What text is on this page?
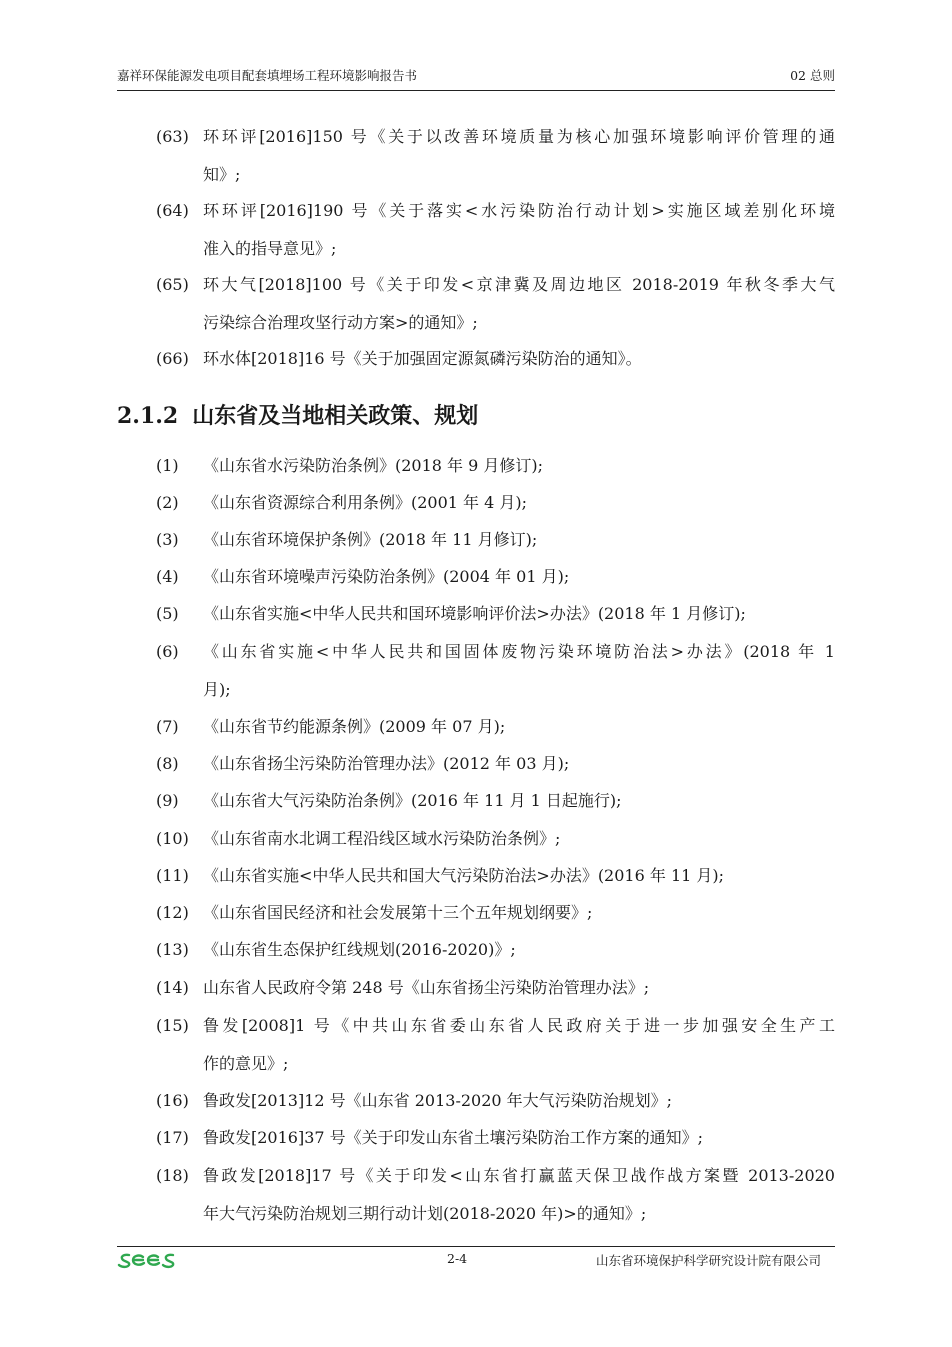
嘉祥环保能源发电项目配套填埋场工程环境影响报告书	02 总则
(63) 环环评[2016]150 号《关于以改善环境质量为核心加强环境影响评价管理的通
知》;
(64) 环环评[2016]190 号《关于落实<水污染防治行动计划>实施区域差别化环境
准入的指导意见》;
(65) 环大气[2018]100 号《关于印发<京津冀及周边地区 2018-2019 年秋冬季大气
污染综合治理攻坚行动方案>的通知》;
(66) 环水体[2018]16 号《关于加强固定源氮磷污染防治的通知》。
2.1.2 山东省及当地相关政策、规划
(1) 《山东省水污染防治条例》(2018 年 9 月修订);
(2) 《山东省资源综合利用条例》(2001 年 4 月);
(3) 《山东省环境保护条例》(2018 年 11 月修订);
(4) 《山东省环境噪声污染防治条例》(2004 年 01 月);
(5) 《山东省实施<中华人民共和国环境影响评价法>办法》(2018 年 1 月修订);
(6) 《山东省实施<中华人民共和国固体废物污染环境防治法>办法》(2018 年 1
月);
(7) 《山东省节约能源条例》(2009 年 07 月);
(8) 《山东省扬尘污染防治管理办法》(2012 年 03 月);
(9) 《山东省大气污染防治条例》(2016 年 11 月 1 日起施行);
(10) 《山东省南水北调工程沿线区域水污染防治条例》;
(11) 《山东省实施<中华人民共和国大气污染防治法>办法》(2016 年 11 月);
(12) 《山东省国民经济和社会发展第十三个五年规划纲要》;
(13) 《山东省生态保护红线规划(2016-2020)》;
(14) 山东省人民政府令第 248 号《山东省扬尘污染防治管理办法》;
(15) 鲁发[2008]1 号《中共山东省委山东省人民政府关于进一步加强安全生产工
作的意见》;
(16) 鲁政发[2013]12 号《山东省 2013-2020 年大气污染防治规划》;
(17) 鲁政发[2016]37 号《关于印发山东省土壤污染防治工作方案的通知》;
(18) 鲁政发[2018]17 号《关于印发<山东省打赢蓝天保卫战作战方案暨 2013-2020
年大气污染防治规划三期行动计划(2018-2020 年)>的通知》;
2-4	山东省环境保护科学研究设计院有限公司
